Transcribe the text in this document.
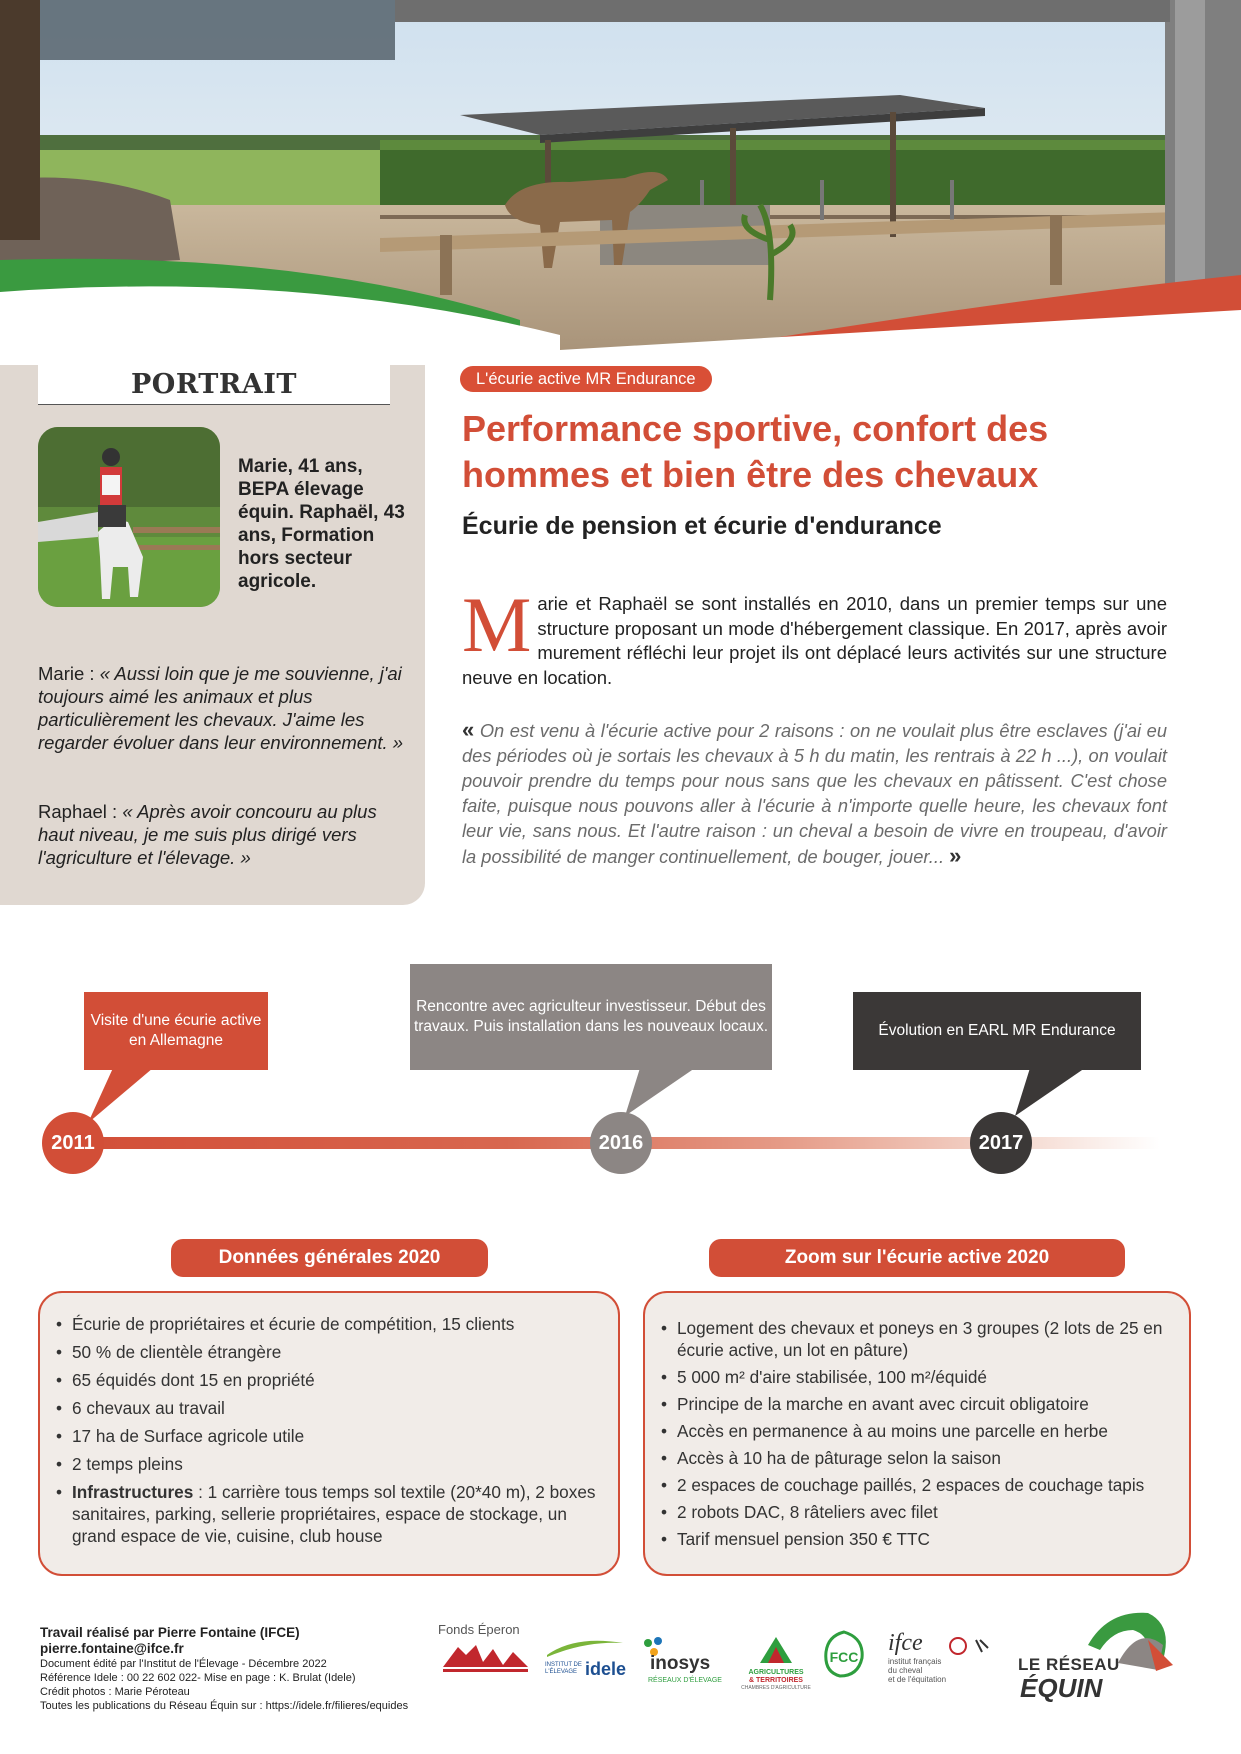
PORTRAIT
Marie, 41 ans, BEPA élevage équin. Raphaël, 43 ans, Formation hors secteur agricole.
Marie : « Aussi loin que je me souvienne, j'ai toujours aimé les animaux et plus particulièrement les chevaux. J'aime les regarder évoluer dans leur environnement. »
Raphael : « Après avoir concouru au plus haut niveau, je me suis plus dirigé vers l'agriculture et l'élevage. »
L'écurie active MR Endurance
Performance sportive, confort des
hommes et bien être des chevaux
Écurie de pension et écurie d'endurance
Marie et Raphaël se sont installés en 2010, dans un premier temps sur une structure proposant un mode d'hébergement classique. En 2017, après avoir murement réfléchi leur projet ils ont déplacé leurs activités sur une structure neuve en location.
« On est venu à l'écurie active pour 2 raisons : on ne voulait plus être esclaves (j'ai eu des périodes où je sortais les chevaux à 5 h du matin, les rentrais à 22 h ...), on voulait pouvoir prendre du temps pour nous sans que les chevaux en pâtissent. C'est chose faite, puisque nous pouvons aller à l'écurie à n'importe quelle heure, les chevaux font leur vie, sans nous. Et l'autre raison : un cheval a besoin de vivre en troupeau, d'avoir la possibilité de manger continuellement, de bouger, jouer... »
Visite d'une écurie active en Allemagne
Rencontre avec agriculteur investisseur. Début des travaux. Puis installation dans les nouveaux locaux.	Évolution en EARL MR Endurance
2011	2016	2017
• Écurie de propriétaires et écurie de compétition, 15 clients
• 50 % de clientèle étrangère
• 65 équidés dont 15 en propriété
• 6 chevaux au travail
• 17 ha de Surface agricole utile
• 2 temps pleins
• Infrastructures : 1 carrière tous temps sol textile (20*40 m), 2 boxes sanitaires, parking, sellerie propriétaires, espace de stockage, un grand espace de vie, cuisine, club house
Données générales 2020
• Logement des chevaux et poneys en 3 groupes (2 lots de 25 en écurie active, un lot en pâture)
• 5 000 m² d'aire stabilisée, 100 m²/équidé
• Principe de la marche en avant avec circuit obligatoire
• Accès en permanence à au moins une parcelle en herbe
• Accès à 10 ha de pâturage selon la saison
• 2 espaces de couchage paillés, 2 espaces de couchage tapis
• 2 robots DAC, 8 râteliers avec filet
• Tarif mensuel pension 350 € TTC
Zoom sur l'écurie active 2020
Travail réalisé par Pierre Fontaine (IFCE)
pierre.fontaine@ifce.fr
Document édité par l'Institut de l'Élevage - Décembre 2022
Référence Idele : 00 22 602 022- Mise en page : K. Brulat (Idele)
Crédit photos : Marie Péroteau
Toutes les publications du Réseau Équin sur : https://idele.fr/filieres/equides
Fonds Éperon
INSTITUT DE L'ÉLEVAGE idele inosys
RÉSEAUX D'ÉLEVAGE
AGRICULTURES
& TERRITOIRES
CHAMBRES D'AGRICULTURE
FCC
ifce
institut français
du cheval
et de l'équitation
LE RÉSEAU
ÉQUIN
